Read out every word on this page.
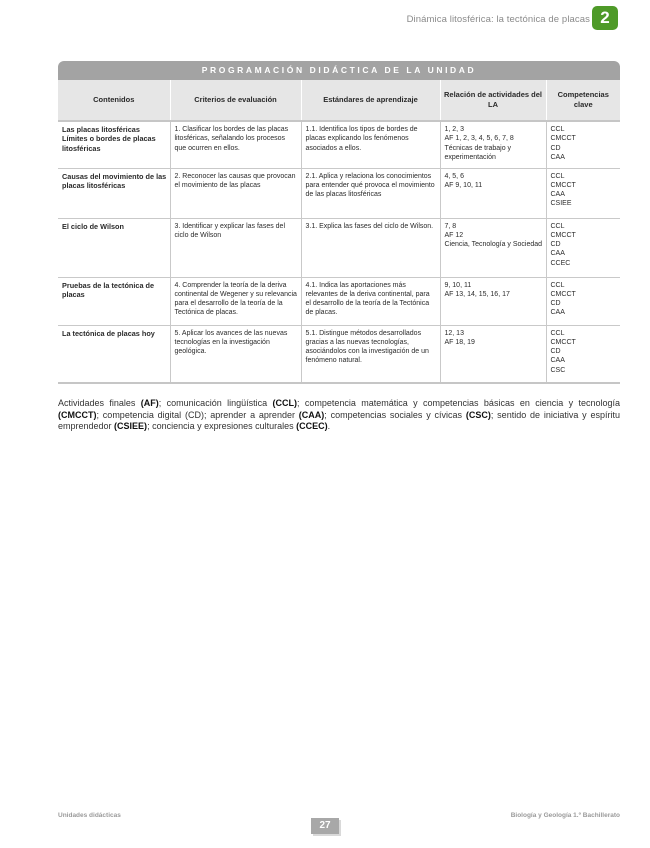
Dinámica litosférica: la tectónica de placas 2
PROGRAMACIÓN DIDÁCTICA DE LA UNIDAD
Contenidos	Criterios de evaluación	Estándares de aprendizaje	Relación de actividades del LA	Competencias clave
Las placas litosféricas Límites o bordes de placas litosféricas	1. Clasificar los bordes de las placas litosféricas, señalando los procesos que ocurren en ellos.	1.1. Identifica los tipos de bordes de placas explicando los fenómenos asociados a ellos.	1, 2, 3
AF 1, 2, 3, 4, 5, 6, 7, 8
Técnicas de trabajo y experimentación	CCL
CMCCT
CD
CAA

Causas del movimiento de las placas litosféricas	2. Reconocer las causas que provocan el movimiento de las placas	2.1. Aplica y relaciona los conocimientos para entender qué provoca el movimiento de las placas litosféricas	4, 5, 6
AF 9, 10, 11	CCL
CMCCT
CAA
CSIEE

El ciclo de Wilson	3. Identificar y explicar las fases del ciclo de Wilson	3.1. Explica las fases del ciclo de Wilson.	7, 8
AF 12
Ciencia, Tecnología y Sociedad	CCL
CMCCT
CD
CAA
CCEC

Pruebas de la tectónica de placas	4. Comprender la teoría de la deriva continental de Wegener y su relevancia para el desarrollo de la teoría de la Tectónica de placas.	4.1. Indica las aportaciones más relevantes de la deriva continental, para el desarrollo de la teoría de la Tectónica de placas.	9, 10, 11
AF 13, 14, 15, 16, 17	CCL
CMCCT
CD
CAA

La tectónica de placas hoy	5. Aplicar los avances de las nuevas tecnologías en la investigación geológica.	5.1. Distingue métodos desarrollados gracias a las nuevas tecnologías, asociándolos con la investigación de un fenómeno natural.	12, 13
AF 18, 19	CCL
CMCCT
CD
CAA
CSC

Actividades finales (AF); comunicación lingüística (CCL); competencia matemática y competencias básicas en ciencia y tecnología (CMCCT); competencia digital (CD); aprender a aprender (CAA); competencias sociales y cívicas (CSC); sentido de iniciativa y espíritu emprendedor (CSIEE); conciencia y expresiones culturales (CCEC).

Unidades didácticas	Biología y Geología 1.º Bachillerato
27
